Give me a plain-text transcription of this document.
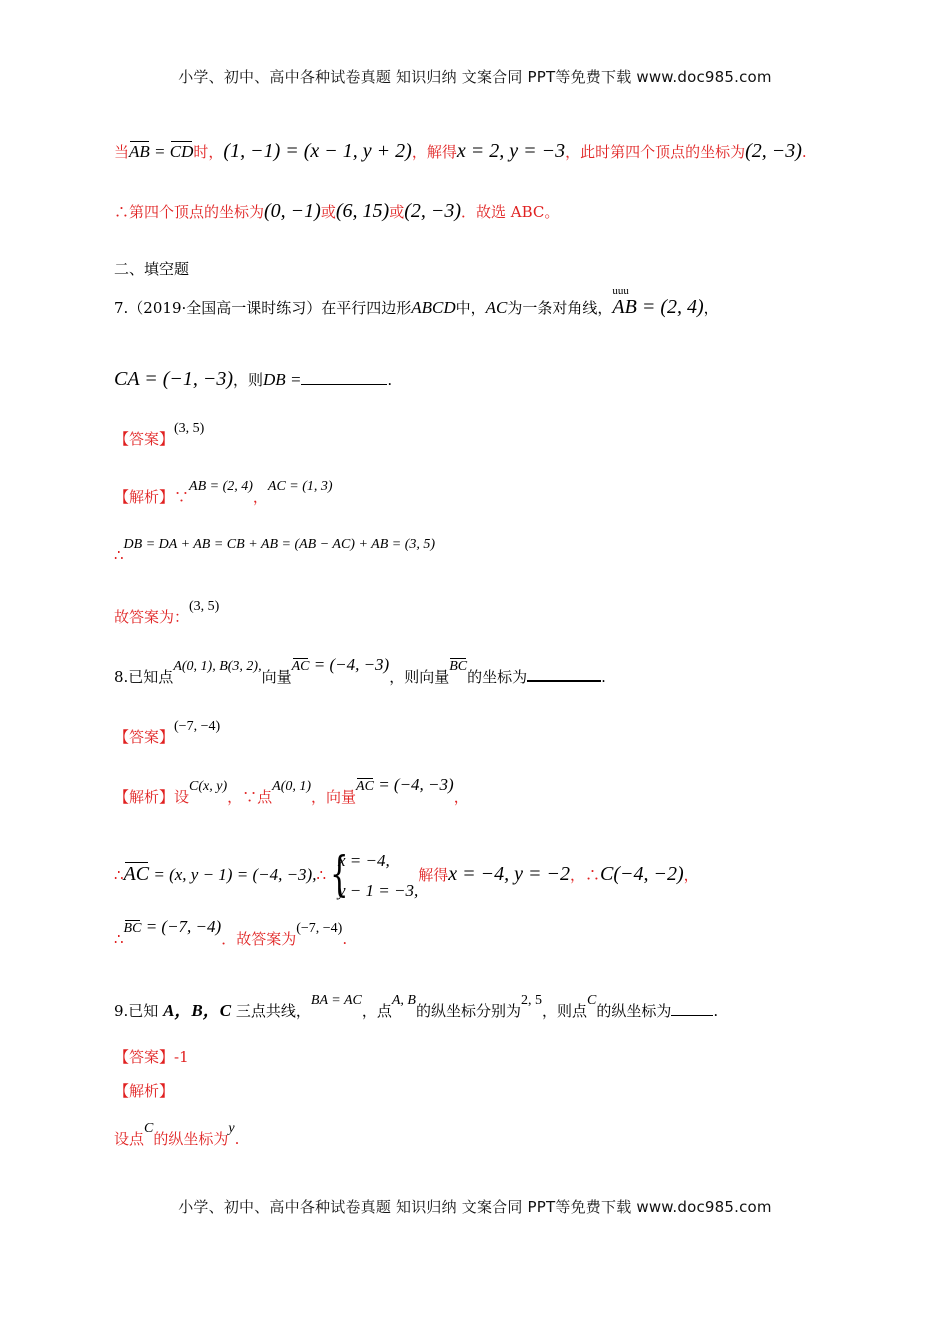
小学、初中、高中各种试卷真题 知识归纳 文案合同 PPT等免费下载 www.doc985.com
当AB = CD时，(1, −1) = (x − 1, y + 2)，解得x = 2, y = −3，此时第四个顶点的坐标为(2, −3).
∴第四个顶点的坐标为(0, −1)或(6, 15)或(2, −3)．故选 ABC。
二、填空题
7.（2019·全国高一课时练习）在平行四边形ABCD中，AC为一条对角线，
uuu
AB = (2, 4)，
CA = (−1, −3)，则DB =	.
【答案】(3, 5)
【解析】∵AB = (2, 4)，AC = (1, 3)
∴DB = DA + AB = CB + AB = (AB − AC) + AB = (3, 5)
故答案为：(3, 5)
8.已知点A(0, 1), B(3, 2),向量AC = (−4, −3)，则向量BC的坐标为	.
【答案】(−7, −4)
【解析】设C(x, y)，∵点A(0, 1)，向量AC = (−4, −3)，
∴AC = (x, y − 1) = (−4, −3),∴
{ x = −4,
y − 1 = −3,
解得x = −4, y = −2，∴C(−4, −2)，
∴BC = (−7, −4)．故答案为(−7, −4).
9.已知 A，B，C 三点共线，BA = AC，点A, B的纵坐标分别为2, 5，则点C的纵坐标为	.
【答案】-1
【解析】
设点C的纵坐标为y.
小学、初中、高中各种试卷真题 知识归纳 文案合同 PPT等免费下载 www.doc985.com
